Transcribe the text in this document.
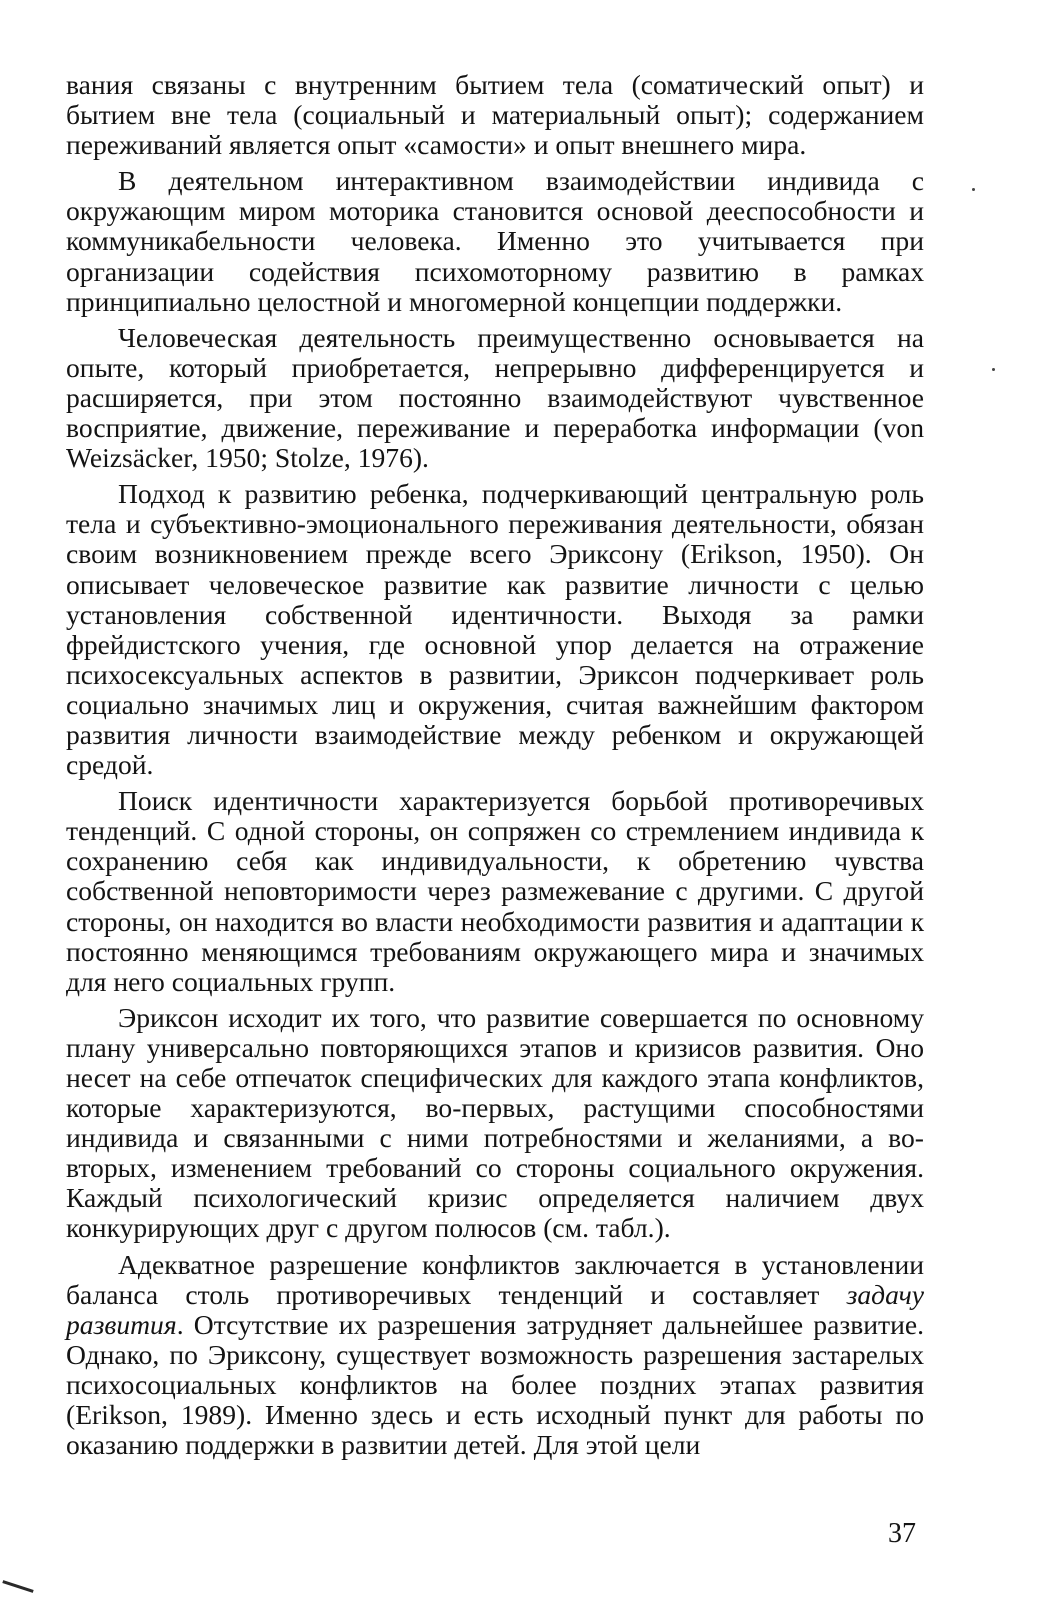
вания связаны с внутренним бытием тела (соматический опыт) и бытием вне тела (социальный и материальный опыт); содержанием переживаний является опыт «самости» и опыт внешнего мира.

В деятельном интерактивном взаимодействии индивида с окружающим миром моторика становится основой дееспособности и коммуникабельности человека. Именно это учитывается при организации содействия психомоторному развитию в рамках принципиально целостной и многомерной концепции поддержки.

Человеческая деятельность преимущественно основывается на опыте, который приобретается, непрерывно дифференцируется и расширяется, при этом постоянно взаимодействуют чувственное восприятие, движение, переживание и переработка информации (von Weizsäcker, 1950; Stolze, 1976).

Подход к развитию ребенка, подчеркивающий центральную роль тела и субъективно-эмоционального переживания деятельности, обязан своим возникновением прежде всего Эриксону (Erikson, 1950). Он описывает человеческое развитие как развитие личности с целью установления собственной идентичности. Выходя за рамки фрейдистского учения, где основной упор делается на отражение психосексуальных аспектов в развитии, Эриксон подчеркивает роль социально значимых лиц и окружения, считая важнейшим фактором развития личности взаимодействие между ребенком и окружающей средой.

Поиск идентичности характеризуется борьбой противоречивых тенденций. С одной стороны, он сопряжен со стремлением индивида к сохранению себя как индивидуальности, к обретению чувства собственной неповторимости через размежевание с другими. С другой стороны, он находится во власти необходимости развития и адаптации к постоянно меняющимся требованиям окружающего мира и значимых для него социальных групп.

Эриксон исходит их того, что развитие совершается по основному плану универсально повторяющихся этапов и кризисов развития. Оно несет на себе отпечаток специфических для каждого этапа конфликтов, которые характеризуются, во-первых, растущими способностями индивида и связанными с ними потребностями и желаниями, а во-вторых, изменением требований со стороны социального окружения. Каждый психологический кризис определяется наличием двух конкурирующих друг с другом полюсов (см. табл.).

Адекватное разрешение конфликтов заключается в установлении баланса столь противоречивых тенденций и составляет задачу развития. Отсутствие их разрешения затрудняет дальнейшее развитие. Однако, по Эриксону, существует возможность разрешения застарелых психосоциальных конфликтов на более поздних этапах развития (Erikson, 1989). Именно здесь и есть исходный пункт для работы по оказанию поддержки в развитии детей. Для этой цели

37
